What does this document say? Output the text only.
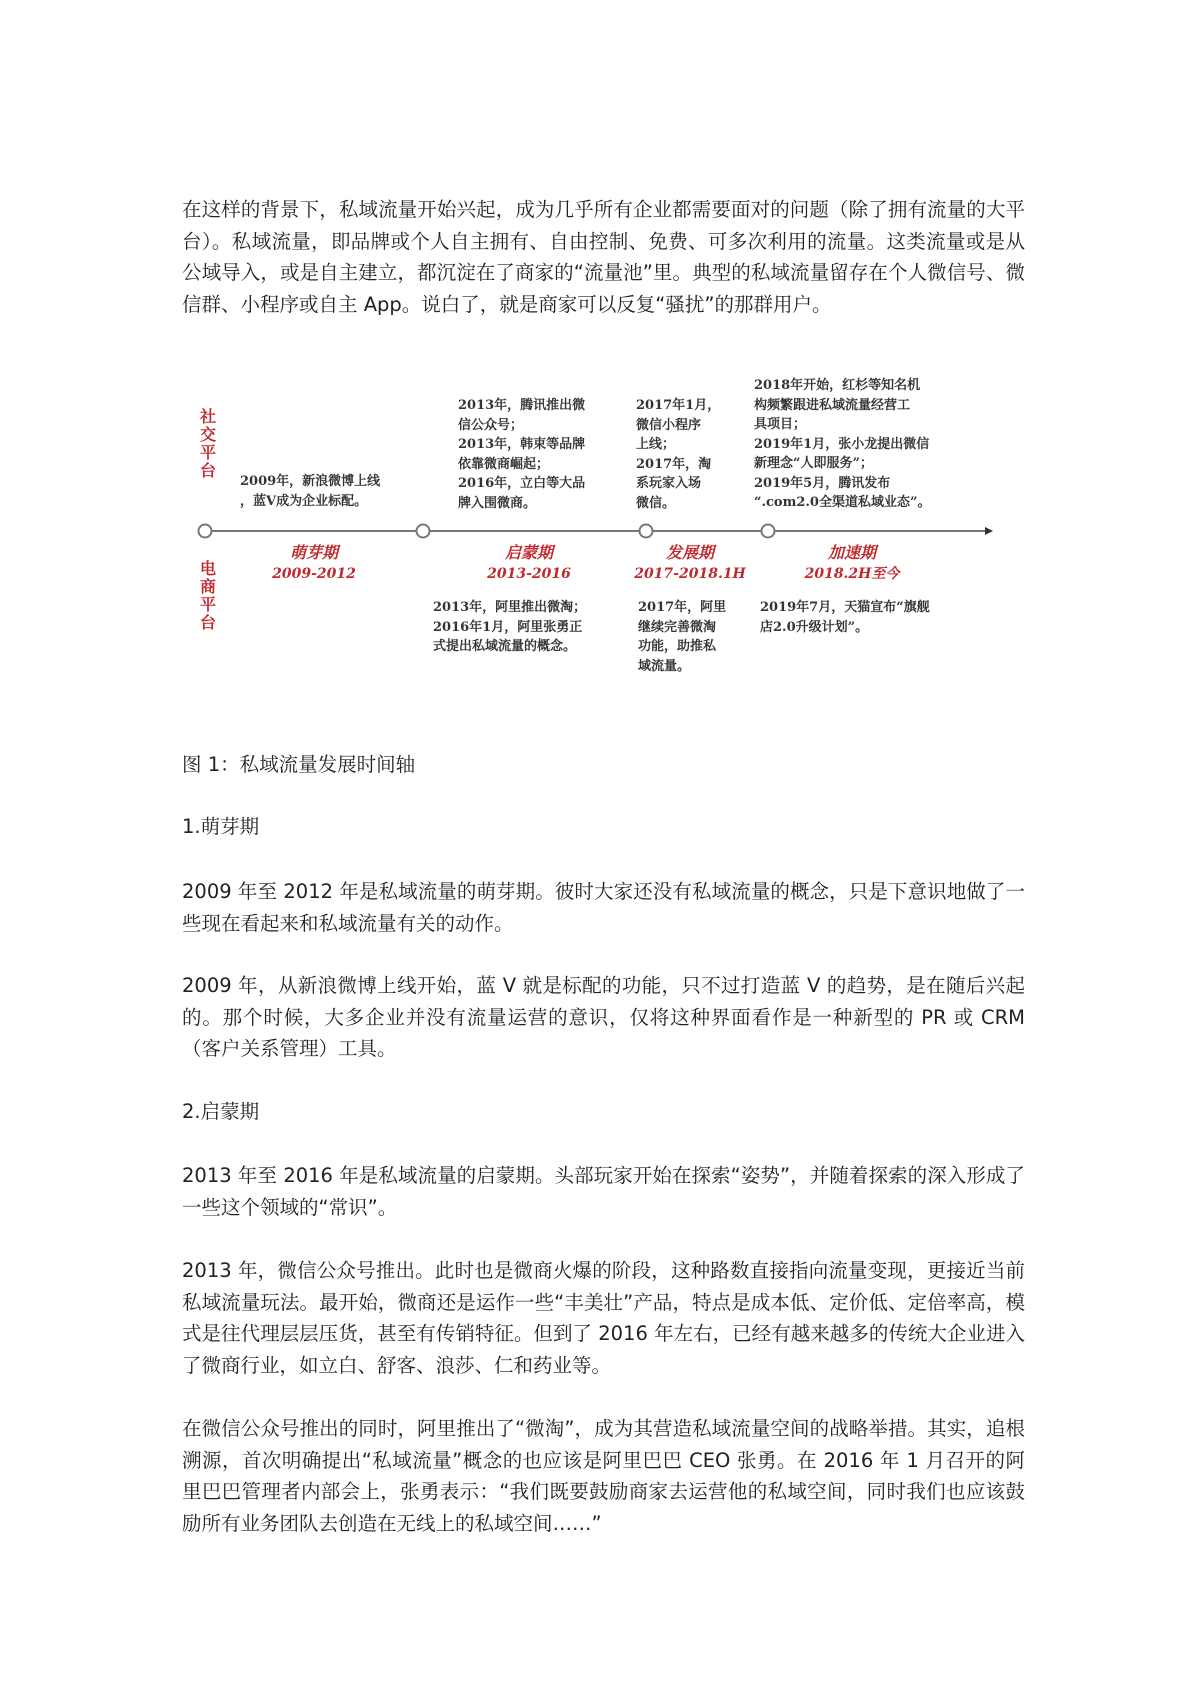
在这样的背景下，私域流量开始兴起，成为几乎所有企业都需要面对的问题（除了拥有流量的大平台）。私域流量，即品牌或个人自主拥有、自由控制、免费、可多次利用的流量。这类流量或是从公域导入，或是自主建立，都沉淀在了商家的“流量池”里。典型的私域流量留存在个人微信号、微信群、小程序或自主 App。说白了，就是商家可以反复“骚扰”的那群用户。
社交平台
电商平台
2009年，新浪微博上线
，蓝V成为企业标配。
2013年，腾讯推出微
信公众号；
2013年，韩束等品牌
依靠微商崛起；
2016年，立白等大品
牌入围微商。
2017年1月，
微信小程序
上线；
2017年，淘
系玩家入场
微信。
2018年开始，红杉等知名机
构频繁跟进私域流量经营工
具项目；
2019年1月，张小龙提出微信
新理念“人即服务”；
2019年5月，腾讯发布
“.com2.0全渠道私域业态”。
萌芽期
2009-2012
启蒙期
2013-2016
发展期
2017-2018.1H
加速期
2018.2H至今
2013年，阿里推出微淘；
2016年1月，阿里张勇正
式提出私域流量的概念。
2017年，阿里
继续完善微淘
功能，助推私
域流量。
2019年7月，天猫宣布“旗舰
店2.0升级计划”。
图 1：私域流量发展时间轴
1.萌芽期
2009 年至 2012 年是私域流量的萌芽期。彼时大家还没有私域流量的概念，只是下意识地做了一些现在看起来和私域流量有关的动作。
2009 年，从新浪微博上线开始，蓝 V 就是标配的功能，只不过打造蓝 V 的趋势，是在随后兴起的。那个时候，大多企业并没有流量运营的意识，仅将这种界面看作是一种新型的 PR 或 CRM（客户关系管理）工具。
2.启蒙期
2013 年至 2016 年是私域流量的启蒙期。头部玩家开始在探索“姿势”，并随着探索的深入形成了一些这个领域的“常识”。
2013 年，微信公众号推出。此时也是微商火爆的阶段，这种路数直接指向流量变现，更接近当前私域流量玩法。最开始，微商还是运作一些“丰美壮”产品，特点是成本低、定价低、定倍率高，模式是往代理层层压货，甚至有传销特征。但到了 2016 年左右，已经有越来越多的传统大企业进入了微商行业，如立白、舒客、浪莎、仁和药业等。
在微信公众号推出的同时，阿里推出了“微淘”，成为其营造私域流量空间的战略举措。其实，追根溯源，首次明确提出“私域流量”概念的也应该是阿里巴巴 CEO 张勇。在 2016 年 1 月召开的阿里巴巴管理者内部会上，张勇表示：“我们既要鼓励商家去运营他的私域空间，同时我们也应该鼓励所有业务团队去创造在无线上的私域空间……”
